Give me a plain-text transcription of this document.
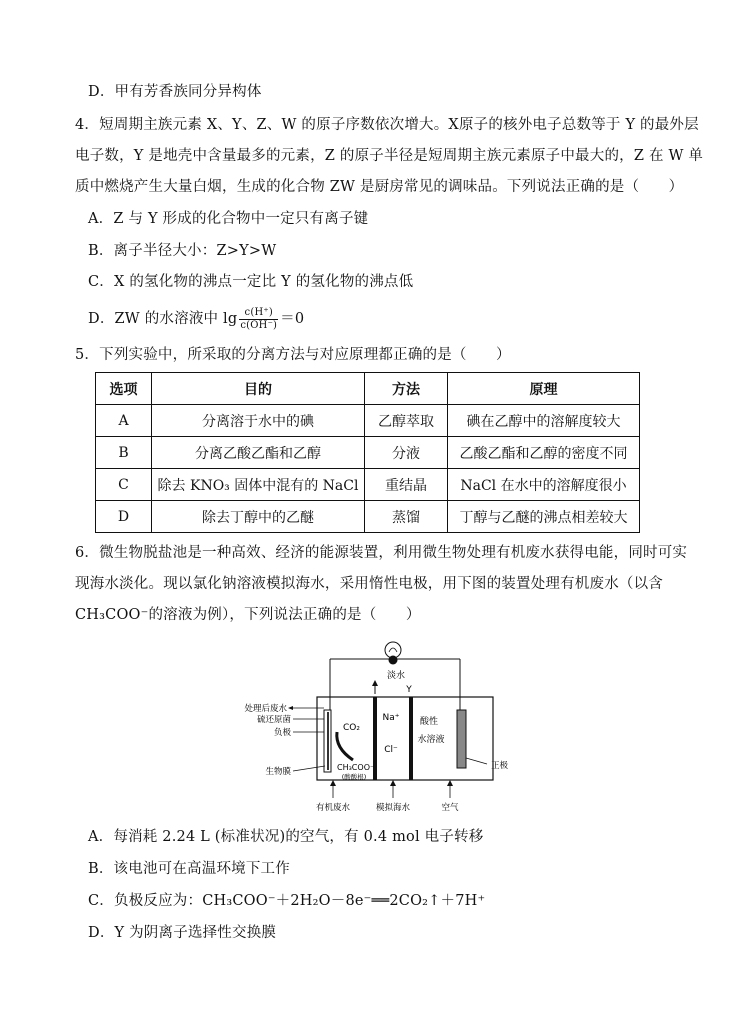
D．甲有芳香族同分异构体
4．短周期主族元素 X、Y、Z、W 的原子序数依次增大。X原子的核外电子总数等于 Y 的最外层
电子数，Y 是地壳中含量最多的元素，Z 的原子半径是短周期主族元素原子中最大的，Z 在 W 单
质中燃烧产生大量白烟，生成的化合物 ZW 是厨房常见的调味品。下列说法正确的是（　　）
A．Z 与 Y 形成的化合物中一定只有离子键
B．离子半径大小：Z>Y>W
C．X 的氢化物的沸点一定比 Y 的氢化物的沸点低
D．ZW 的水溶液中 $\lg \frac{c(H^+)}{c(OH^-)} =0$
5．下列实验中，所采取的分离方法与对应原理都正确的是（　　）
选项	目的	方法	原理
A	分离溶于水中的碘	乙醇萃取	碘在乙醇中的溶解度较大
B	分离乙酸乙酯和乙醇	分液	乙酸乙酯和乙醇的密度不同
C	除去 KNO₃ 固体中混有的 NaCl	重结晶	NaCl 在水中的溶解度很小
D	除去丁醇中的乙醚	蒸馏	丁醇与乙醚的沸点相差较大
6．微生物脱盐池是一种高效、经济的能源装置，利用微生物处理有机废水获得电能，同时可实
现海水淡化。现以氯化钠溶液模拟海水，采用惰性电极，用下图的装置处理有机废水（以含
CH₃COO⁻的溶液为例），下列说法正确的是（　　）
淡水
Y
处理后废水
硫还原菌
负极
生物膜
CO₂
CH₃COO⁻
(酸酸根)
Na⁺
Cl⁻
酸性
水溶液
正极
有机废水	模拟海水	空气
A．每消耗 2.24 L (标准状况)的空气，有 0.4 mol 电子转移
B．该电池可在高温环境下工作
C．负极反应为：CH₃COO⁻＋2H₂O－8e⁻══2CO₂↑＋7H⁺
D．Y 为阴离子选择性交换膜
